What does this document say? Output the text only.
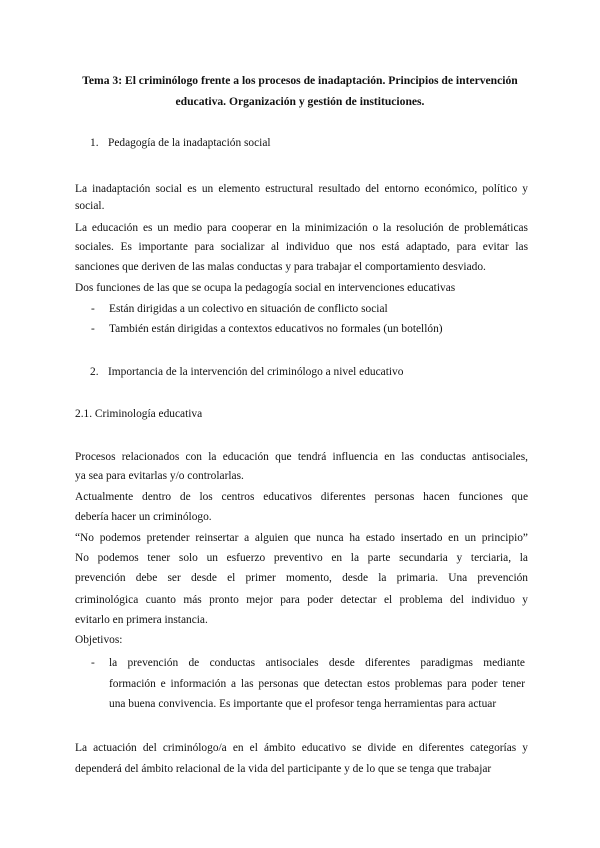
Tema 3: El criminólogo frente a los procesos de inadaptación. Principios de intervención educativa. Organización y gestión de instituciones.
1. Pedagogía de la inadaptación social
La inadaptación social es un elemento estructural resultado del entorno económico, político y
social.
La educación es un medio para cooperar en la minimización o la resolución de problemáticas
sociales. Es importante para socializar al individuo que nos está adaptado, para evitar las
sanciones que deriven de las malas conductas y para trabajar el comportamiento desviado.
Dos funciones de las que se ocupa la pedagogía social en intervenciones educativas
- Están dirigidas a un colectivo en situación de conflicto social
- También están dirigidas a contextos educativos no formales (un botellón)
2. Importancia de la intervención del criminólogo a nivel educativo
2.1. Criminología educativa
Procesos relacionados con la educación que tendrá influencia en las conductas antisociales,
ya sea para evitarlas y/o controlarlas.
Actualmente dentro de los centros educativos diferentes personas hacen funciones que
debería hacer un criminólogo.
“No podemos pretender reinsertar a alguien que nunca ha estado insertado en un principio”
No podemos tener solo un esfuerzo preventivo en la parte secundaria y terciaria, la
prevención debe ser desde el primer momento, desde la primaria. Una prevención
criminológica cuanto más pronto mejor para poder detectar el problema del individuo y
evitarlo en primera instancia.
Objetivos:
- la prevención de conductas antisociales desde diferentes paradigmas mediante
formación e información a las personas que detectan estos problemas para poder tener
una buena convivencia. Es importante que el profesor tenga herramientas para actuar
La actuación del criminólogo/a en el ámbito educativo se divide en diferentes categorías y
dependerá del ámbito relacional de la vida del participante y de lo que se tenga que trabajar
